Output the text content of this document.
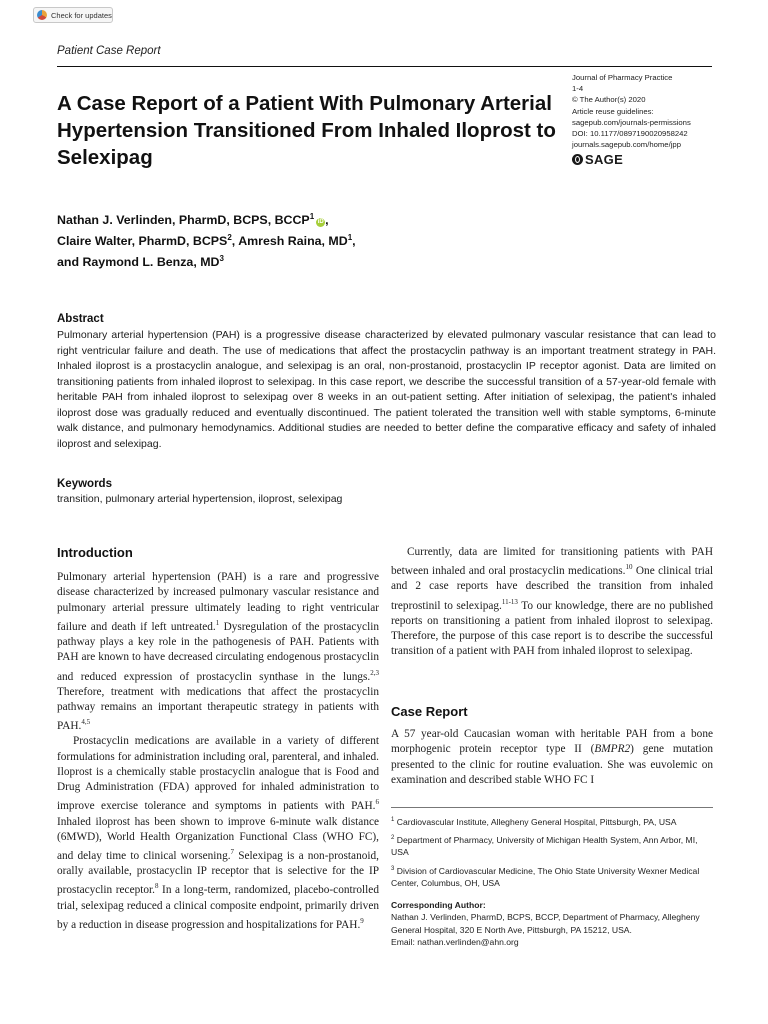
Check for updates
Patient Case Report
A Case Report of a Patient With Pulmonary Arterial Hypertension Transitioned From Inhaled Iloprost to Selexipag
Journal of Pharmacy Practice
1-4
© The Author(s) 2020
Article reuse guidelines:
sagepub.com/journals-permissions
DOI: 10.1177/0897190020958242
journals.sagepub.com/home/jpp
SAGE
Nathan J. Verlinden, PharmD, BCPS, BCCP$^1$iD ,
Claire Walter, PharmD, BCPS$^2$, Amresh Raina, $MD^1$,
and Raymond L. Benza, $MD^3$
Abstract

Pulmonary arterial hypertension (PAH) is a progressive disease characterized by elevated pulmonary vascular resistance that can lead to right ventricular failure and death. The use of medications that affect the prostacyclin pathway is an important treatment strategy in PAH. Inhaled iloprost is a prostacyclin analogue, and selexipag is an oral, non-prostanoid, prostacyclin IP receptor agonist. Data are limited on transitioning patients from inhaled iloprost to selexipag. In this case report, we describe the successful transition of a 57-year-old female with heritable PAH from inhaled iloprost to selexipag over 8 weeks in an out-patient setting. After initiation of selexipag, the patient's inhaled iloprost dose was gradually reduced and eventually discontinued. The patient tolerated the transition well with stable symptoms, 6-minute walk distance, and pulmonary hemodynamics. Additional studies are needed to better define the comparative efficacy and safety of inhaled iloprost and selexipag.

Keywords
transition, pulmonary arterial hypertension, iloprost, selexipag
Introduction

Pulmonary arterial hypertension (PAH) is a rare and progressive disease characterized by increased pulmonary vascular resistance and pulmonary arterial pressure ultimately leading to right ventricular failure and death if left untreated.$^1$ Dysregulation of the prostacyclin pathway plays a key role in the pathogenesis of PAH. Patients with PAH are known to have decreased circulating endogenous prostacyclin and reduced expression of prostacyclin synthase in the lungs.$^{2,3}$ Therefore, treatment with medications that affect the prostacyclin pathway remains an important therapeutic strategy in patients with PAH.$^{4,5}$

Prostacyclin medications are available in a variety of different formulations for administration including oral, parenteral, and inhaled. Iloprost is a chemically stable prostacyclin analogue that is Food and Drug Administration (FDA) approved for inhaled administration to improve exercise tolerance and symptoms in patients with PAH.$^6$ Inhaled iloprost has been shown to improve 6-minute walk distance (6MWD), World Health Organization Functional Class (WHO FC), and delay time to clinical worsening.$^7$ Selexipag is a non-prostanoid, orally available, prostacyclin IP receptor that is selective for the IP prostacyclin receptor.$^8$ In a long-term, randomized, placebo-controlled trial, selexipag reduced a clinical composite endpoint, primarily driven by a reduction in disease progression and hospitalizations for PAH.$^9$

Currently, data are limited for transitioning patients with PAH between inhaled and oral prostacyclin medications.$^{10}$ One clinical trial and 2 case reports have described the transition from inhaled treprostinil to selexipag.$^{11-13}$ To our knowledge, there are no published reports on transitioning a patient from inhaled iloprost to selexipag. Therefore, the purpose of this case report is to describe the successful transition of a patient with PAH from inhaled iloprost to selexipag.

Case Report

A 57 year-old Caucasian woman with heritable PAH from a bone morphogenic protein receptor type II (BMPR2) gene mutation presented to the clinic for routine evaluation. She was euvolemic on examination and described stable WHO FC I

$^1$ Cardiovascular Institute, Allegheny General Hospital, Pittsburgh, PA, USA

$^2$ Department of Pharmacy, University of Michigan Health System, Ann Arbor, MI, USA

$^3$ Division of Cardiovascular Medicine, The Ohio State University Wexner Medical Center, Columbus, OH, USA

Corresponding Author:
Nathan J. Verlinden, PharmD, BCPS, BCCP, Department of Pharmacy, Allegheny General Hospital, 320 E North Ave, Pittsburgh, PA 15212, USA.
Email: nathan.verlinden@ahn.org
